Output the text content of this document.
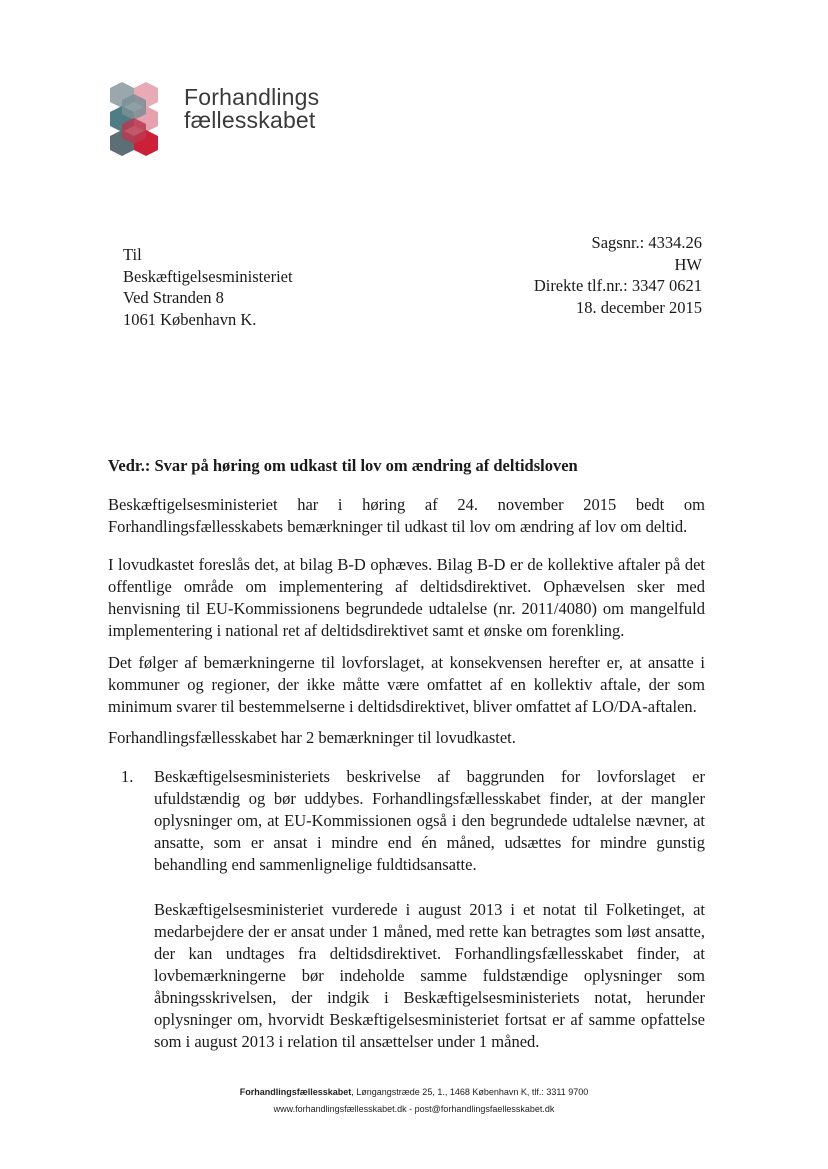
Forhandlings
fællesskabet
Til
Beskæftigelsesministeriet
Ved Stranden 8
1061 København K.
Sagsnr.: 4334.26
HW
Direkte tlf.nr.: 3347 0621
18. december 2015
Vedr.: Svar på høring om udkast til lov om ændring af deltidsloven
Beskæftigelsesministeriet har i høring af 24. november 2015 bedt om Forhandlingsfællesskabets bemærkninger til udkast til lov om ændring af lov om deltid.
I lovudkastet foreslås det, at bilag B-D ophæves. Bilag B-D er de kollektive aftaler på det offentlige område om implementering af deltidsdirektivet. Ophævelsen sker med henvisning til EU-Kommissionens begrundede udtalelse (nr. 2011/4080) om mangelfuld implementering i national ret af deltidsdirektivet samt et ønske om forenkling.
Det følger af bemærkningerne til lovforslaget, at konsekvensen herefter er, at ansatte i kommuner og regioner, der ikke måtte være omfattet af en kollektiv aftale, der som minimum svarer til bestemmelserne i deltidsdirektivet, bliver omfattet af LO/DA-aftalen.
Forhandlingsfællesskabet har 2 bemærkninger til lovudkastet.
1. Beskæftigelsesministeriets beskrivelse af baggrunden for lovforslaget er ufuldstændig og bør uddybes. Forhandlingsfællesskabet finder, at der mangler oplysninger om, at EU-Kommissionen også i den begrundede udtalelse nævner, at ansatte, som er ansat i mindre end én måned, udsættes for mindre gunstig behandling end sammenlignelige fuldtidsansatte.

Beskæftigelsesministeriet vurderede i august 2013 i et notat til Folketinget, at medarbejdere der er ansat under 1 måned, med rette kan betragtes som løst ansatte, der kan undtages fra deltidsdirektivet. Forhandlingsfællesskabet finder, at lovbemærkningerne bør indeholde samme fuldstændige oplysninger som åbningsskrivelsen, der indgik i Beskæftigelsesministeriets notat, herunder oplysninger om, hvorvidt Beskæftigelsesministeriet fortsat er af samme opfattelse som i august 2013 i relation til ansættelser under 1 måned.

Forhandlingsfællesskabet, Løngangstræde 25, 1., 1468 København K, tlf.: 3311 9700
www.forhandlingsfællesskabet.dk - post@forhandlingsfaellesskabet.dk
